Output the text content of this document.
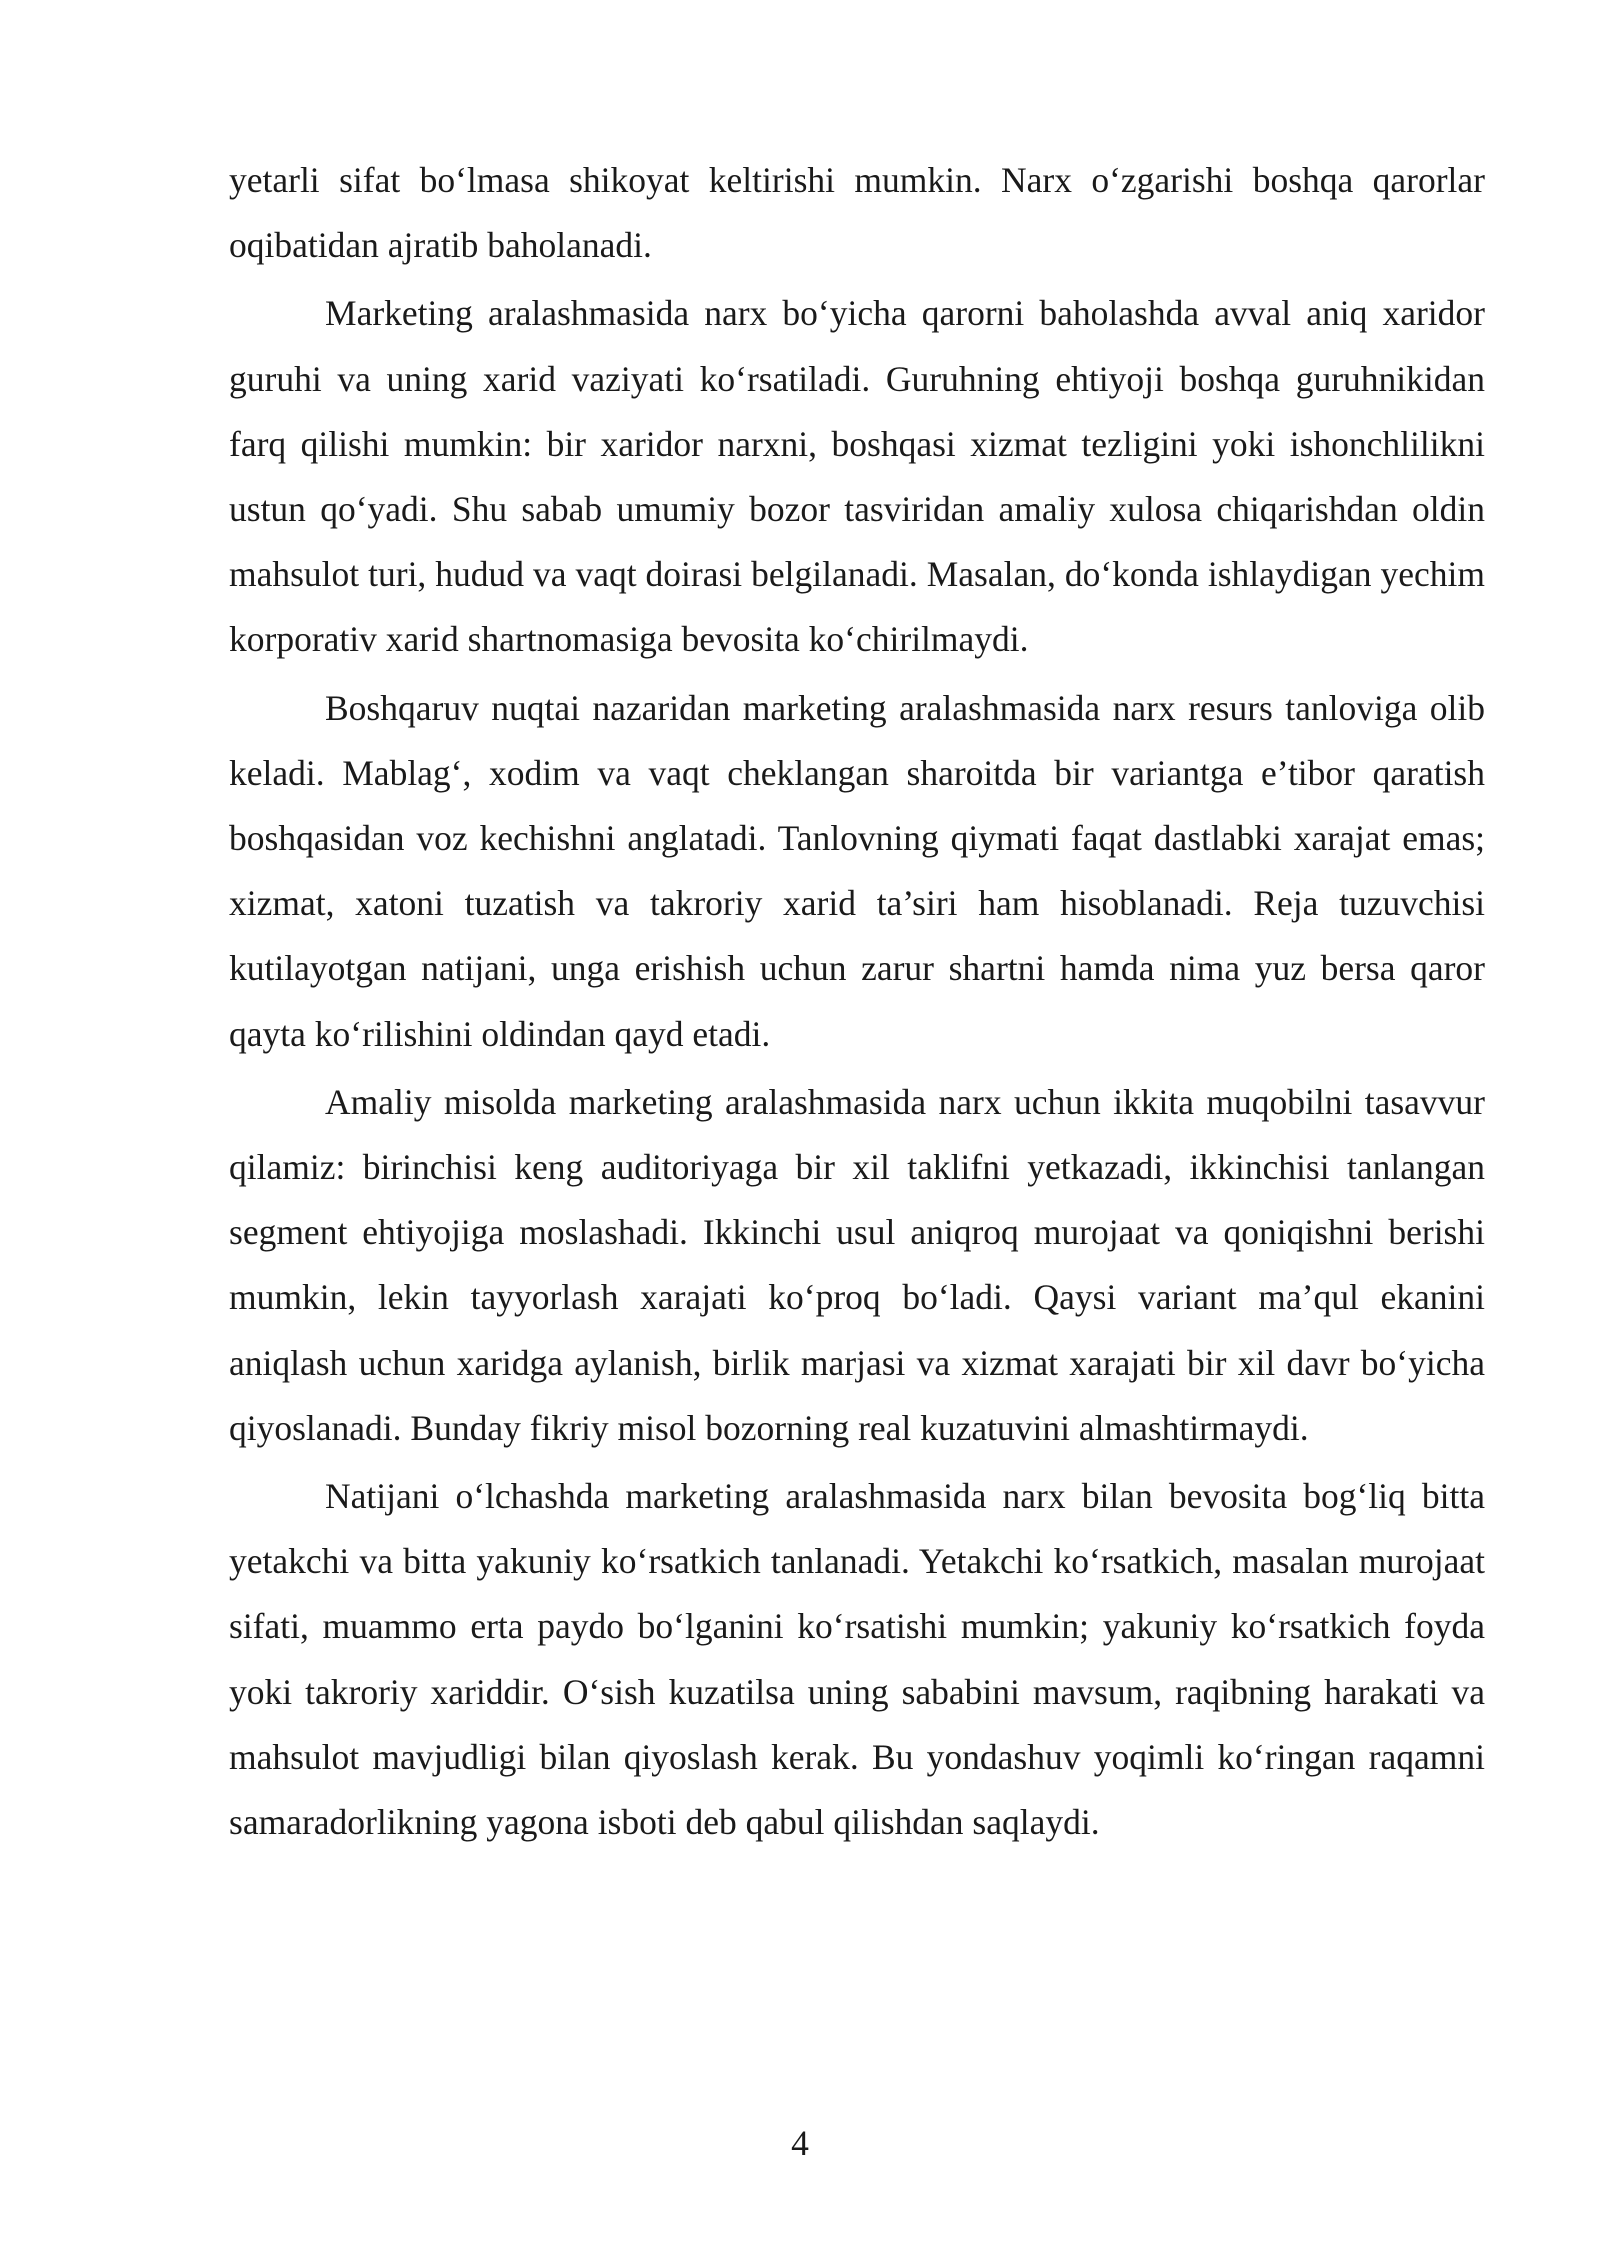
yetarli sifat bo‘lmasa shikoyat keltirishi mumkin. Narx o‘zgarishi boshqa qarorlar oqibatidan ajratib baholanadi.

Marketing aralashmasida narx bo‘yicha qarorni baholashda avval aniq xaridor guruhi va uning xarid vaziyati ko‘rsatiladi. Guruhning ehtiyoji boshqa guruhnikidan farq qilishi mumkin: bir xaridor narxni, boshqasi xizmat tezligini yoki ishonchlilikni ustun qo‘yadi. Shu sabab umumiy bozor tasviridan amaliy xulosa chiqarishdan oldin mahsulot turi, hudud va vaqt doirasi belgilanadi. Masalan, do‘konda ishlaydigan yechim korporativ xarid shartnomasiga bevosita ko‘chirilmaydi.

Boshqaruv nuqtai nazaridan marketing aralashmasida narx resurs tanloviga olib keladi. Mablag‘, xodim va vaqt cheklangan sharoitda bir variantga e’tibor qaratish boshqasidan voz kechishni anglatadi. Tanlovning qiymati faqat dastlabki xarajat emas; xizmat, xatoni tuzatish va takroriy xarid ta’siri ham hisoblanadi. Reja tuzuvchisi kutilayotgan natijani, unga erishish uchun zarur shartni hamda nima yuz bersa qaror qayta ko‘rilishini oldindan qayd etadi.

Amaliy misolda marketing aralashmasida narx uchun ikkita muqobilni tasavvur qilamiz: birinchisi keng auditoriyaga bir xil taklifni yetkazadi, ikkinchisi tanlangan segment ehtiyojiga moslashadi. Ikkinchi usul aniqroq murojaat va qoniqishni berishi mumkin, lekin tayyorlash xarajati ko‘proq bo‘ladi. Qaysi variant ma’qul ekanini aniqlash uchun xaridga aylanish, birlik marjasi va xizmat xarajati bir xil davr bo‘yicha qiyoslanadi. Bunday fikriy misol bozorning real kuzatuvini almashtirmaydi.

Natijani o‘lchashda marketing aralashmasida narx bilan bevosita bog‘liq bitta yetakchi va bitta yakuniy ko‘rsatkich tanlanadi. Yetakchi ko‘rsatkich, masalan murojaat sifati, muammo erta paydo bo‘lganini ko‘rsatishi mumkin; yakuniy ko‘rsatkich foyda yoki takroriy xariddir. O‘sish kuzatilsa uning sababini mavsum, raqibning harakati va mahsulot mavjudligi bilan qiyoslash kerak. Bu yondashuv yoqimli ko‘ringan raqamni samaradorlikning yagona isboti deb qabul qilishdan saqlaydi.

4
